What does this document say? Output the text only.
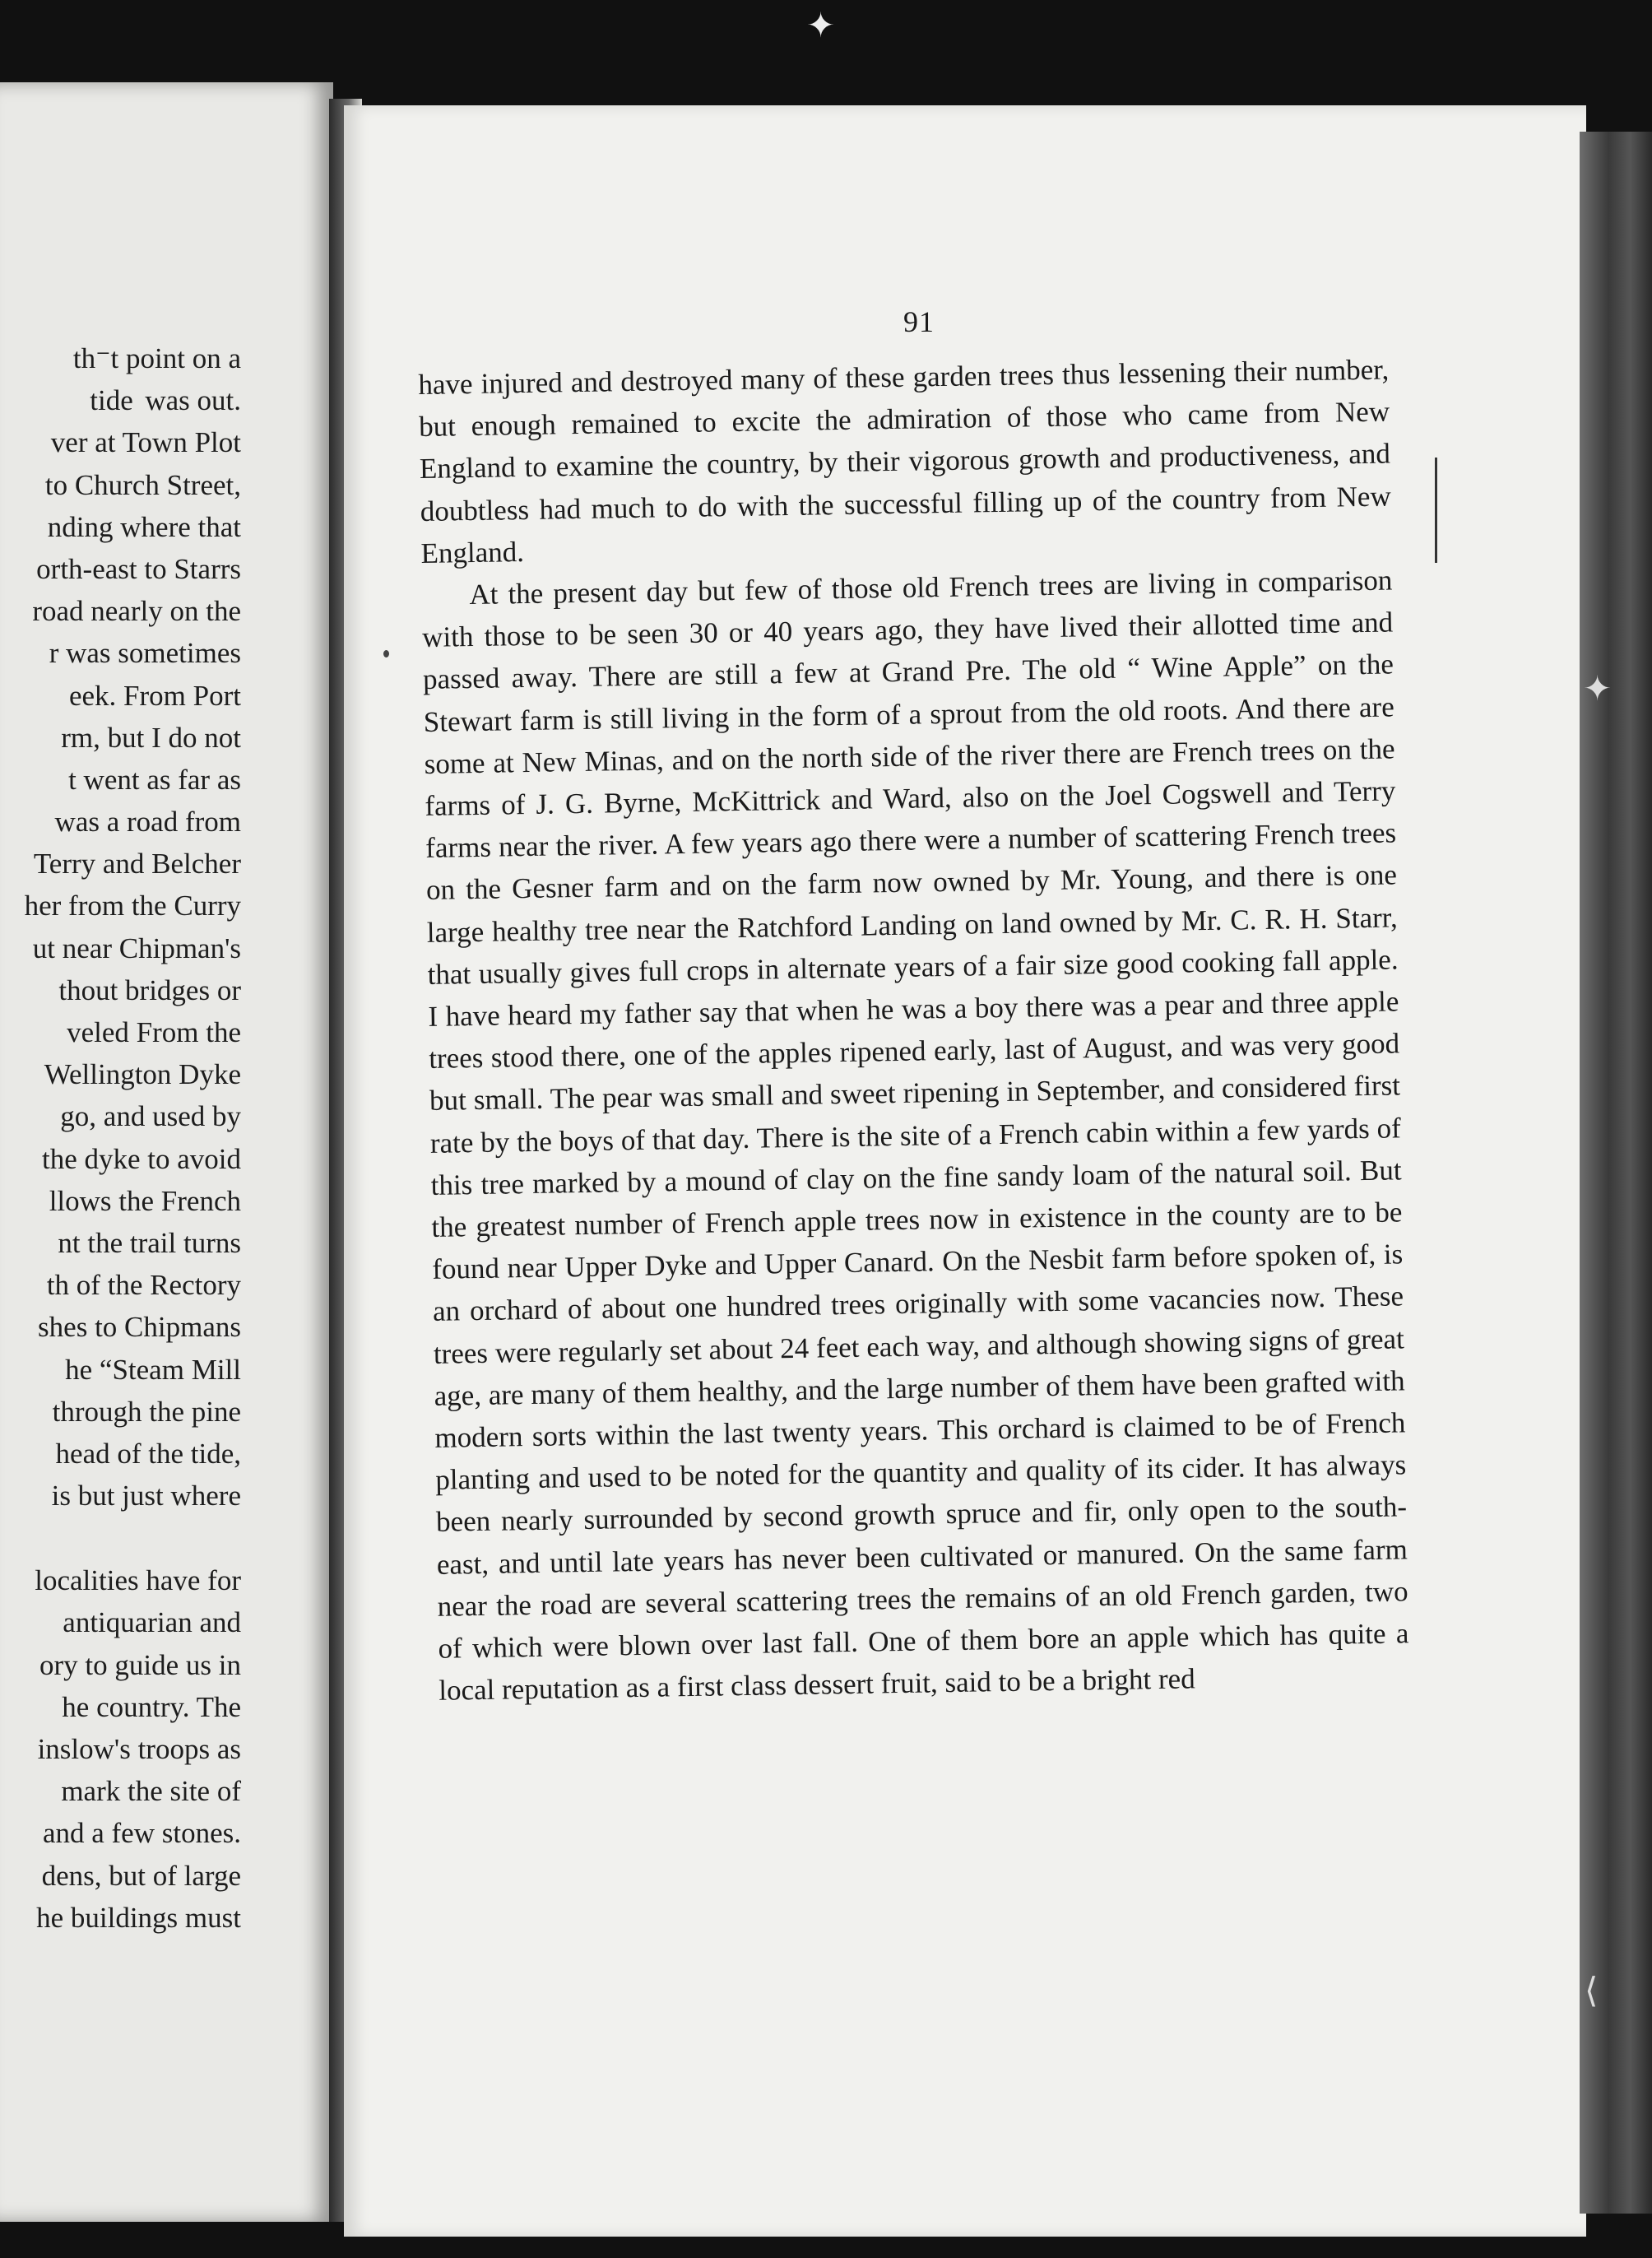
th⁻t point on a
tide  was out.
ver at Town Plot
to Church Street,
nding where that
orth-east to Starrs
road nearly on the
r was sometimes
eek. From Port
rm, but I do not
t went as far as
was a road from
Terry and Belcher
her from the Curry
ut near Chipman's
thout bridges or
veled From the
Wellington Dyke
go, and used by
the dyke to avoid
llows the French
nt the trail turns
th of the Rectory
shes to Chipmans
he “Steam Mill
through the pine
head of the tide,
is but just where
localities have for
antiquarian and
ory to guide us in
he country. The
inslow's troops as
mark the site of
and a few stones.
dens, but of large
he buildings must
91

have injured and destroyed many of these garden trees thus lessening their number, but enough remained to excite the admiration of those who came from New England to examine the country, by their vigorous growth and productiveness, and doubtless had much to do with the successful filling up of the country from New England.

At the present day but few of those old French trees are living in comparison with those to be seen 30 or 40 years ago, they have lived their allotted time and passed away. There are still a few at Grand Pre. The old “ Wine Apple” on the Stewart farm is still living in the form of a sprout from the old roots. And there are some at New Minas, and on the north side of the river there are French trees on the farms of J. G. Byrne, McKittrick and Ward, also on the Joel Cogswell and Terry farms near the river. A few years ago there were a number of scattering French trees on the Gesner farm and on the farm now owned by Mr. Young, and there is one large healthy tree near the Ratchford Landing on land owned by Mr. C. R. H. Starr, that usually gives full crops in alternate years of a fair size good cooking fall apple. I have heard my father say that when he was a boy there was a pear and three apple trees stood there, one of the apples ripened early, last of August, and was very good but small. The pear was small and sweet ripening in September, and considered first rate by the boys of that day. There is the site of a French cabin within a few yards of this tree marked by a mound of clay on the fine sandy loam of the natural soil. But the greatest number of French apple trees now in existence in the county are to be found near Upper Dyke and Upper Canard. On the Nesbit farm before spoken of, is an orchard of about one hundred trees originally with some vacancies now. These trees were regularly set about 24 feet each way, and although showing signs of great age, are many of them healthy, and the large number of them have been grafted with modern sorts within the last twenty years. This orchard is claimed to be of French planting and used to be noted for the quantity and quality of its cider. It has always been nearly surrounded by second growth spruce and fir, only open to the south-east, and until late years has never been cultivated or manured. On the same farm near the road are several scattering trees the remains of an old French garden, two of which were blown over last fall. One of them bore an apple which has quite a local reputation as a first class dessert fruit, said to be a bright red

✦
✦
⟨
